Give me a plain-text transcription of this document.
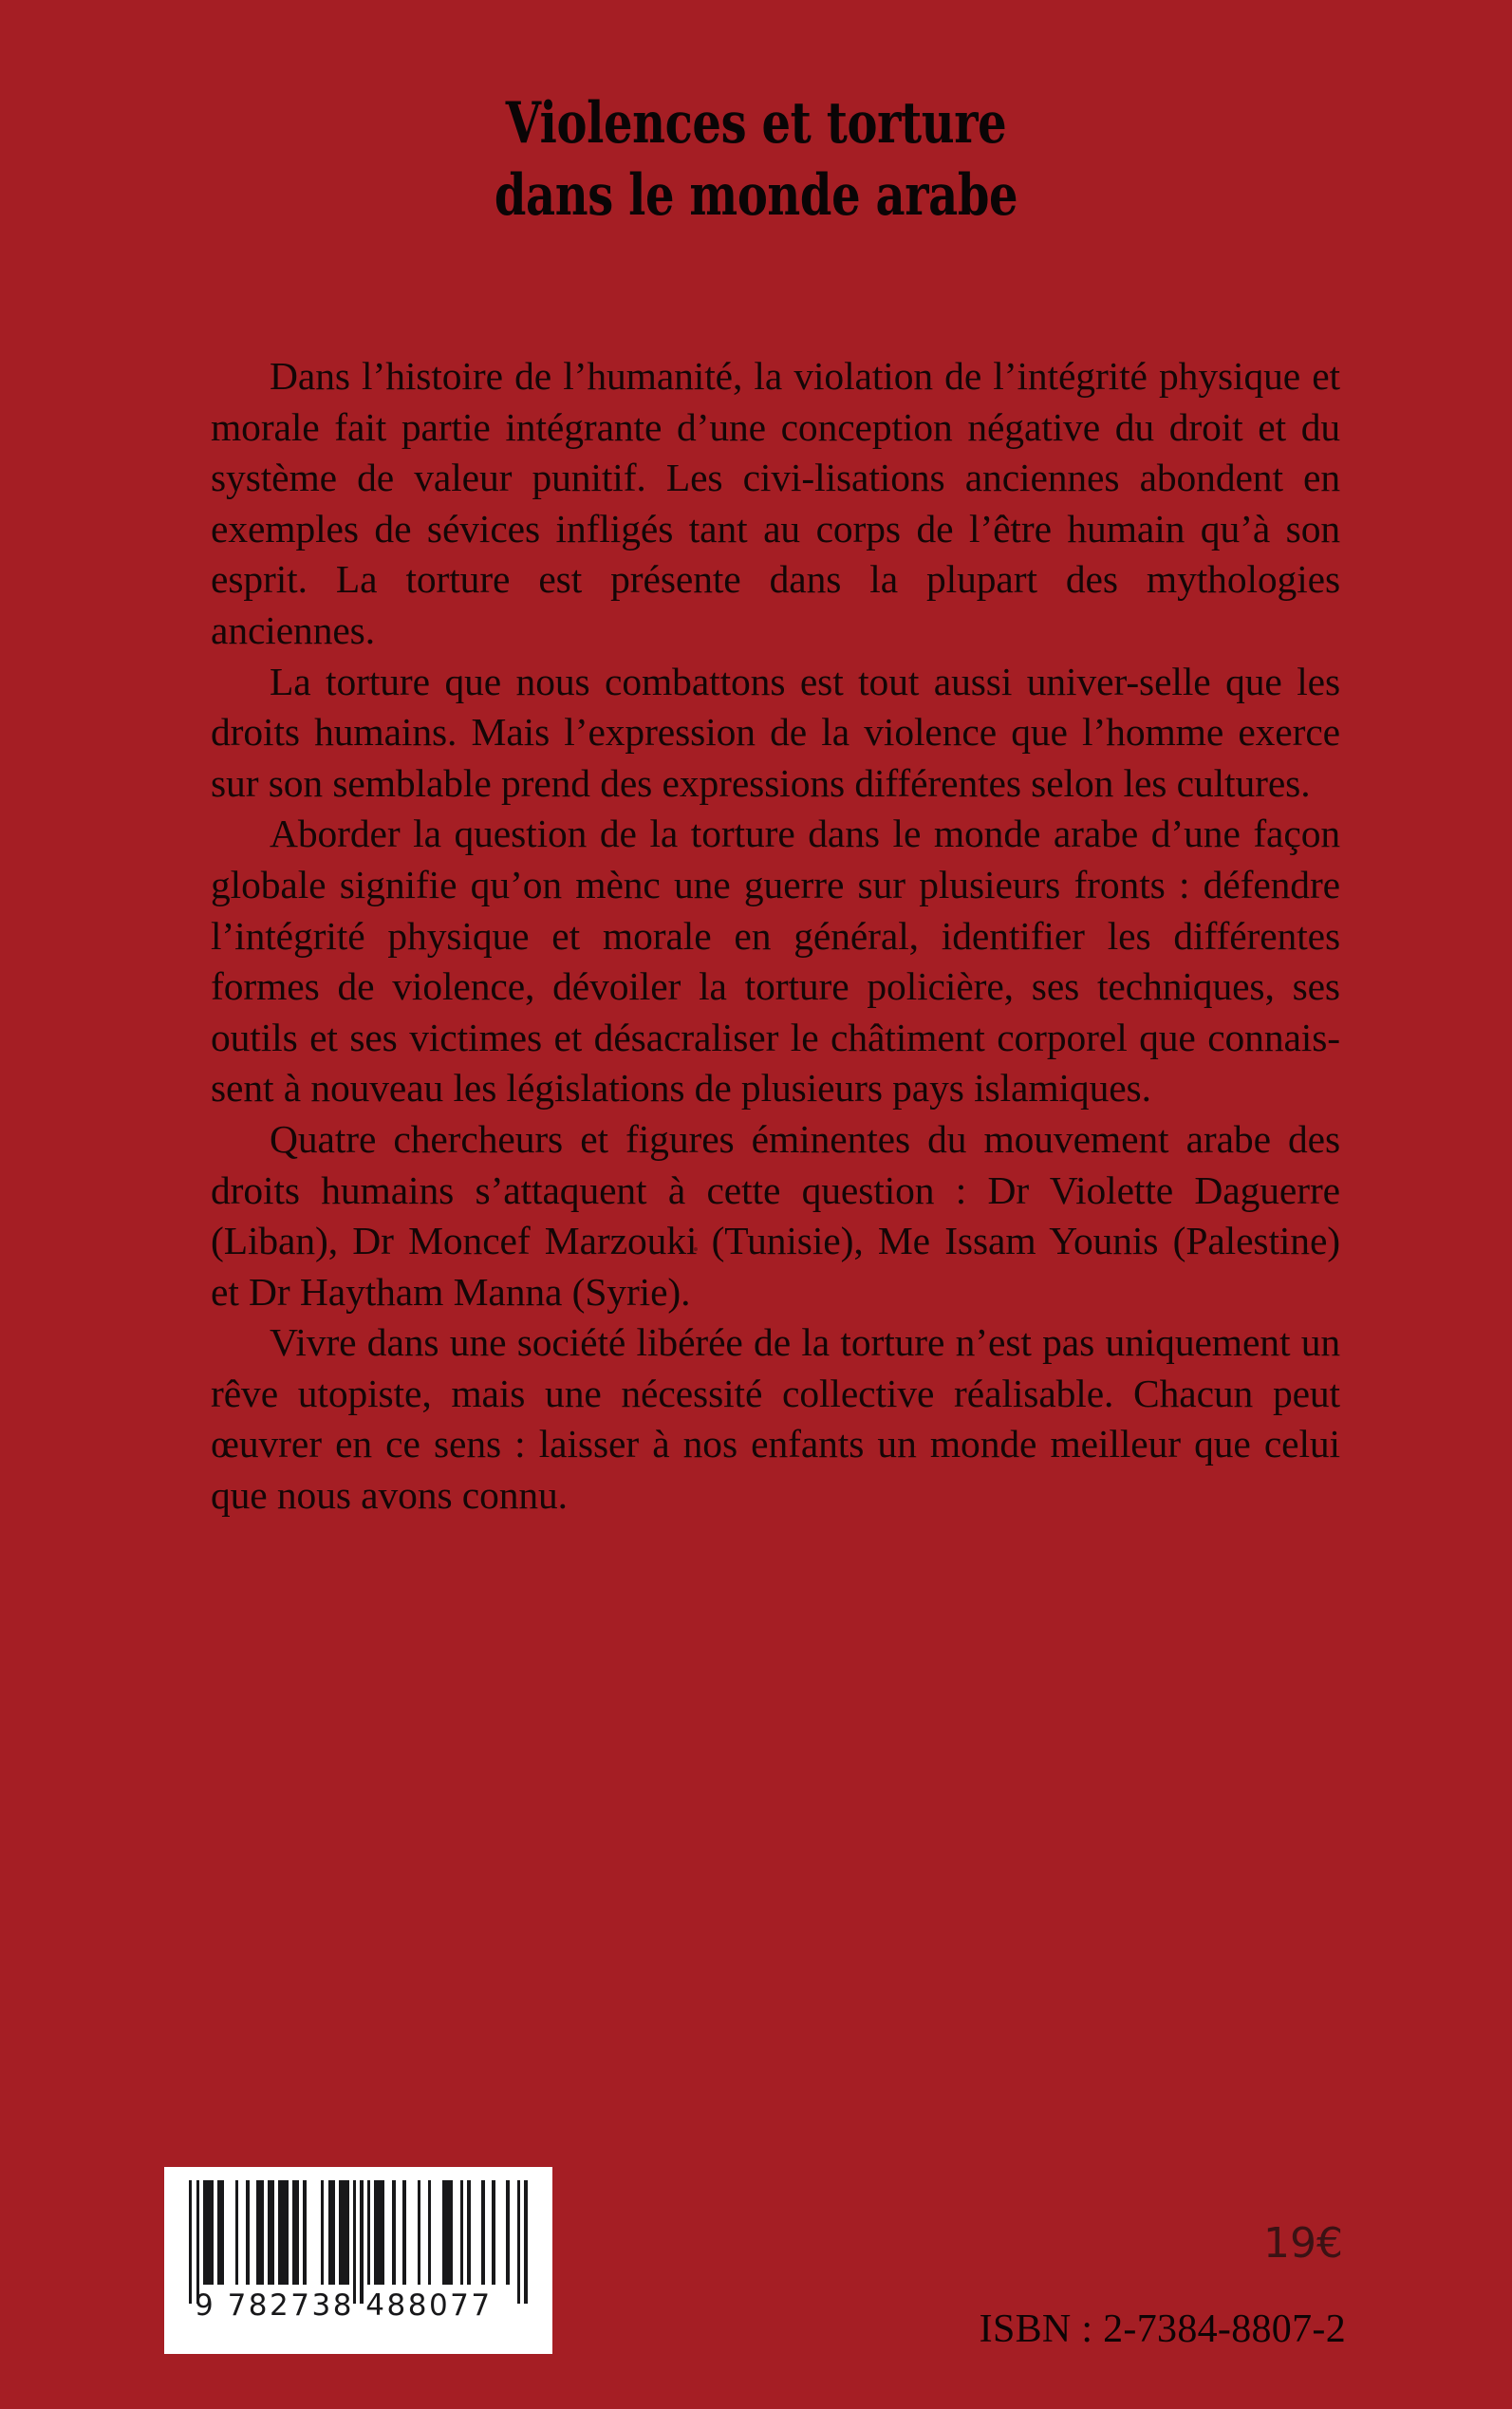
Violences et torture
dans le monde arabe

Dans l’histoire de l’humanité, la violation de l’intégrité physique et morale fait partie intégrante d’une conception négative du droit et du système de valeur punitif. Les civi-lisations anciennes abondent en exemples de sévices infligés tant au corps de l’être humain qu’à son esprit. La torture est présente dans la plupart des mythologies anciennes.

La torture que nous combattons est tout aussi univer-selle que les droits humains. Mais l’expression de la violence que l’homme exerce sur son semblable prend des expressions différentes selon les cultures.

Aborder la question de la torture dans le monde arabe d’une façon globale signifie qu’on mènc une guerre sur plusieurs fronts : défendre l’intégrité physique et morale en général, identifier les différentes formes de violence, dévoiler la torture policière, ses techniques, ses outils et ses victimes et désacraliser le châtiment corporel que connais-sent à nouveau les législations de plusieurs pays islamiques.

Quatre chercheurs et figures éminentes du mouvement arabe des droits humains s’attaquent à cette question : Dr Violette Daguerre (Liban), Dr Moncef Marzouki (Tunisie), Me Issam Younis (Palestine) et Dr Haytham Manna (Syrie).

Vivre dans une société libérée de la torture n’est pas uniquement un rêve utopiste, mais une nécessité collective réalisable. Chacun peut œuvrer en ce sens : laisser à nos enfants un monde meilleur que celui que nous avons connu.

9 782738 488077
19€
ISBN : 2-7384-8807-2
